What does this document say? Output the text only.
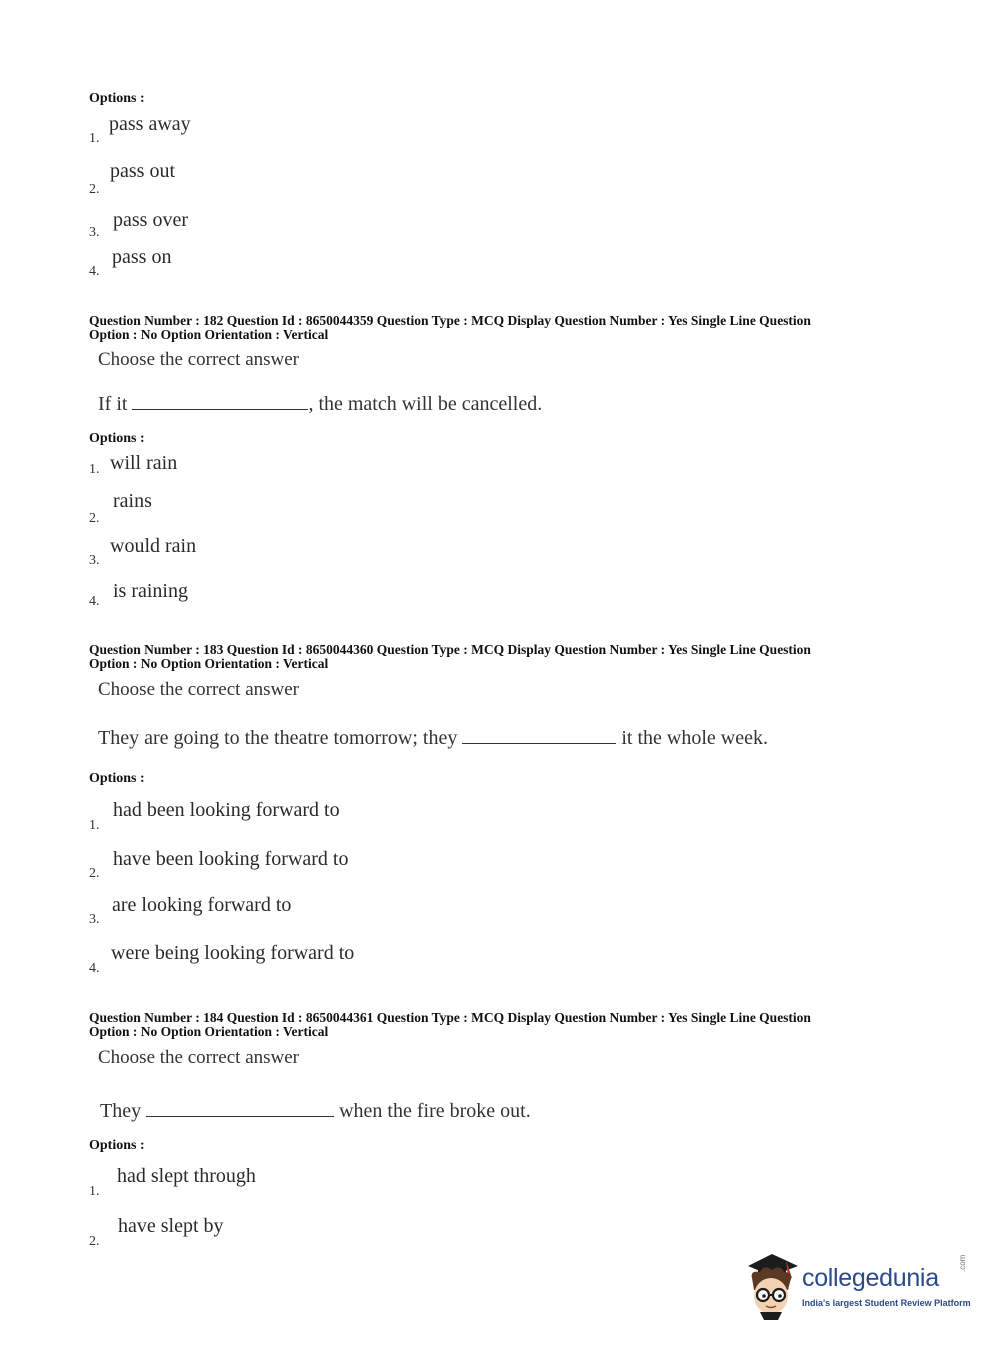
Options :
1.
pass away
2.
pass out
3.
pass over
4.
pass on
Question Number : 182 Question Id : 8650044359 Question Type : MCQ Display Question Number : Yes Single Line Question
Option : No Option Orientation : Vertical
Choose the correct answer
If it	, the match will be cancelled.
Options :
1. will rain
2.
rains
3.
would rain
4. is raining
Question Number : 183 Question Id : 8650044360 Question Type : MCQ Display Question Number : Yes Single Line Question
Option : No Option Orientation : Vertical
Choose the correct answer
They are going to the theatre tomorrow; they	it the whole week.
Options :
1.
had been looking forward to
2.
have been looking forward to
3.
are looking forward to
4.
were being looking forward to
Question Number : 184 Question Id : 8650044361 Question Type : MCQ Display Question Number : Yes Single Line Question
Option : No Option Orientation : Vertical
Choose the correct answer
They	when the fire broke out.
Options :
1.
had slept through
2.
have slept by
collegedunia
.com
India's largest Student Review Platform
